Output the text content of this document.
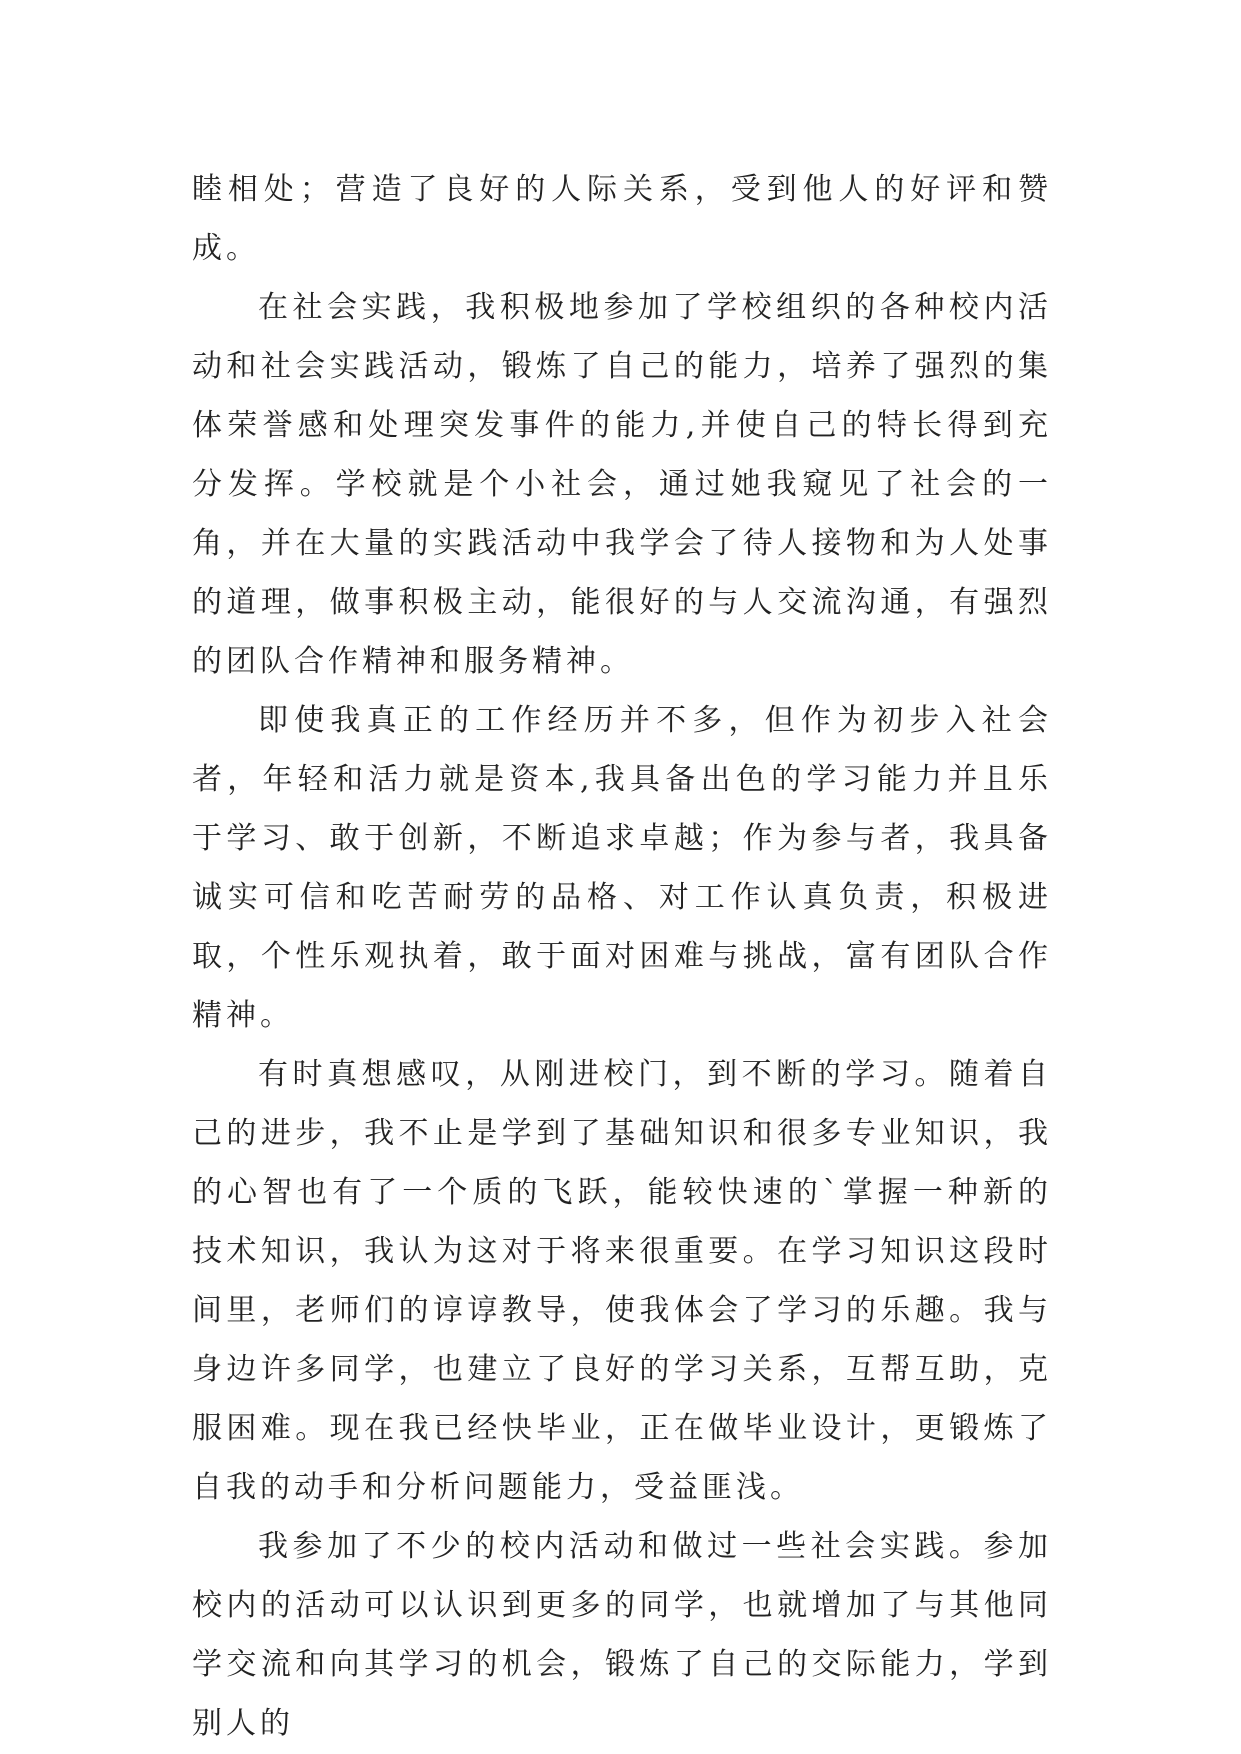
睦相处；营造了良好的人际关系，受到他人的好评和赞成。

在社会实践，我积极地参加了学校组织的各种校内活动和社会实践活动，锻炼了自己的能力，培养了强烈的集体荣誉感和处理突发事件的能力,并使自己的特长得到充分发挥。学校就是个小社会，通过她我窥见了社会的一角，并在大量的实践活动中我学会了待人接物和为人处事的道理，做事积极主动，能很好的与人交流沟通，有强烈的团队合作精神和服务精神。

即使我真正的工作经历并不多，但作为初步入社会者，年轻和活力就是资本,我具备出色的学习能力并且乐于学习、敢于创新，不断追求卓越；作为参与者，我具备诚实可信和吃苦耐劳的品格、对工作认真负责，积极进取，个性乐观执着，敢于面对困难与挑战，富有团队合作精神。

有时真想感叹，从刚进校门，到不断的学习。随着自己的进步，我不止是学到了基础知识和很多专业知识，我的心智也有了一个质的飞跃，能较快速的`掌握一种新的技术知识，我认为这对于将来很重要。在学习知识这段时间里，老师们的谆谆教导，使我体会了学习的乐趣。我与身边许多同学，也建立了良好的学习关系，互帮互助，克服困难。现在我已经快毕业，正在做毕业设计，更锻炼了自我的动手和分析问题能力，受益匪浅。

我参加了不少的校内活动和做过一些社会实践。参加校内的活动可以认识到更多的同学，也就增加了与其他同学交流和向其学习的机会，锻炼了自己的交际能力，学到别人的
